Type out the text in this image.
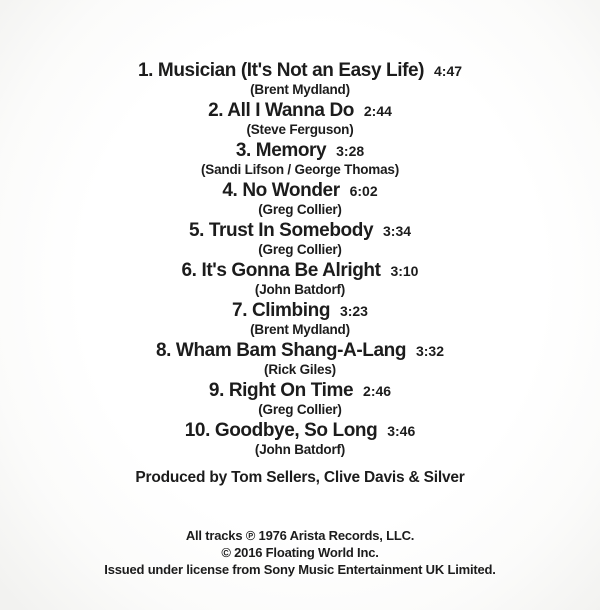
1. Musician (It's Not an Easy Life) 4:47
(Brent Mydland)
2. All I Wanna Do 2:44
(Steve Ferguson)
3. Memory 3:28
(Sandi Lifson / George Thomas)
4. No Wonder 6:02
(Greg Collier)
5. Trust In Somebody 3:34
(Greg Collier)
6. It's Gonna Be Alright 3:10
(John Batdorf)
7. Climbing 3:23
(Brent Mydland)
8. Wham Bam Shang-A-Lang 3:32
(Rick Giles)
9. Right On Time 2:46
(Greg Collier)
10. Goodbye, So Long 3:46
(John Batdorf)
Produced by Tom Sellers, Clive Davis & Silver
All tracks ℗ 1976 Arista Records, LLC.
© 2016 Floating World Inc.
Issued under license from Sony Music Entertainment UK Limited.
